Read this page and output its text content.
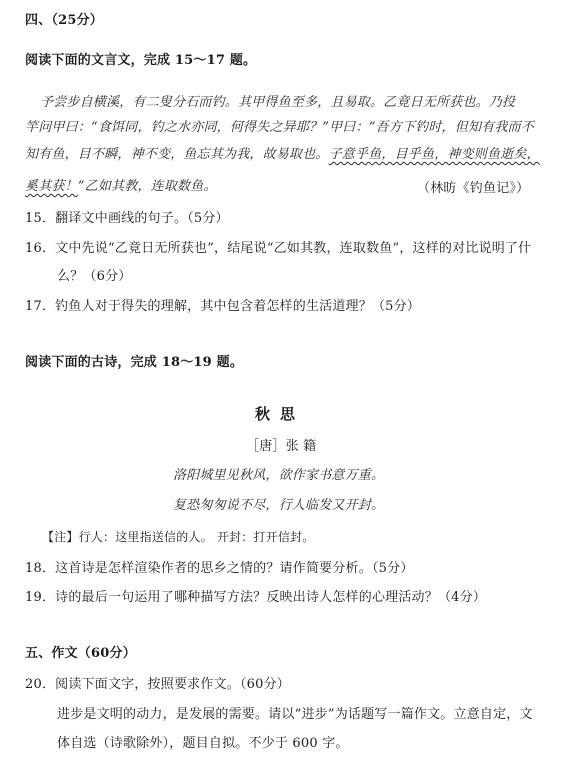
四、（25分）
阅读下面的文言文，完成 15～17 题。
予尝步自横溪，有二叟分石而钓。其甲得鱼至多，且易取。乙竟日无所获也。乃投
竿问甲曰：“食饵同，钓之水亦同，何得失之异耶？”甲曰：“吾方下钓时，但知有我而不
知有鱼，目不瞬，神不变，鱼忘其为我，故易取也。子意乎鱼，目乎鱼，神变则鱼逝矣，
奚其获！”乙如其教，连取数鱼。	（林昉《钓鱼记》）
15．翻译文中画线的句子。（5分）
16．文中先说“乙竟日无所获也”，结尾说“乙如其教，连取数鱼”，这样的对比说明了什
么？（6分）
17．钓鱼人对于得失的理解，其中包含着怎样的生活道理？（5分）
阅读下面的古诗，完成 18～19 题。
秋思
［唐］张 籍
洛阳城里见秋风，欲作家书意万重。
复恐匆匆说不尽，行人临发又开封。
【注】行人：这里指送信的人。 开封：打开信封。
18．这首诗是怎样渲染作者的思乡之情的？请作简要分析。（5分）
19．诗的最后一句运用了哪种描写方法？反映出诗人怎样的心理活动？（4分）
五、作文（60分）
20．阅读下面文字，按照要求作文。（60分）
进步是文明的动力，是发展的需要。请以“进步”为话题写一篇作文。立意自定，文
体自选（诗歌除外），题目自拟。不少于 600 字。
